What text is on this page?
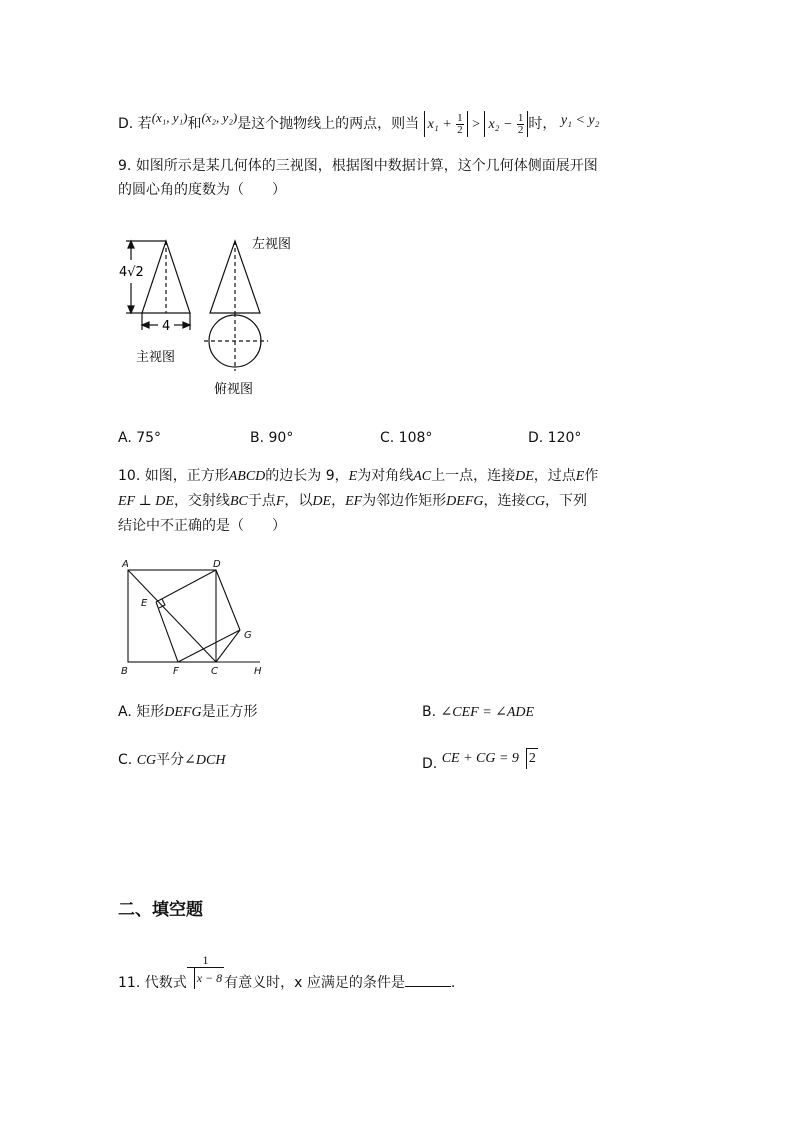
D. 若(x₁, y₁)和(x₂, y₂)是这个抛物线上的两点，则当 $x_1 + \frac{1}{2} > x_2 - \frac{1}{2}$ 时， y₁ < y₂
9. 如图所示是某几何体的三视图，根据图中数据计算，这个几何体侧面展开图
的圆心角的度数为（　　）
4√2
4
主视图
左视图
俯视图
A. 75°	B. 90°	C. 108°	D. 120°
10. 如图，正方形ABCD的边长为 9，E为对角线AC上一点，连接DE，过点E作
EF ⊥ DE，交射线BC于点F，以DE，EF为邻边作矩形DEFG，连接CG，下列
结论中不正确的是（　　）
A	D
E
G
B	F	C	H
A. 矩形DEFG是正方形	B. ∠CEF = ∠ADE
C. CG平分∠DCH	D. CE + CG = 9 2
二、填空题
11. 代数式 $\frac{1}{x - 8}$有意义时，x 应满足的条件是	.
